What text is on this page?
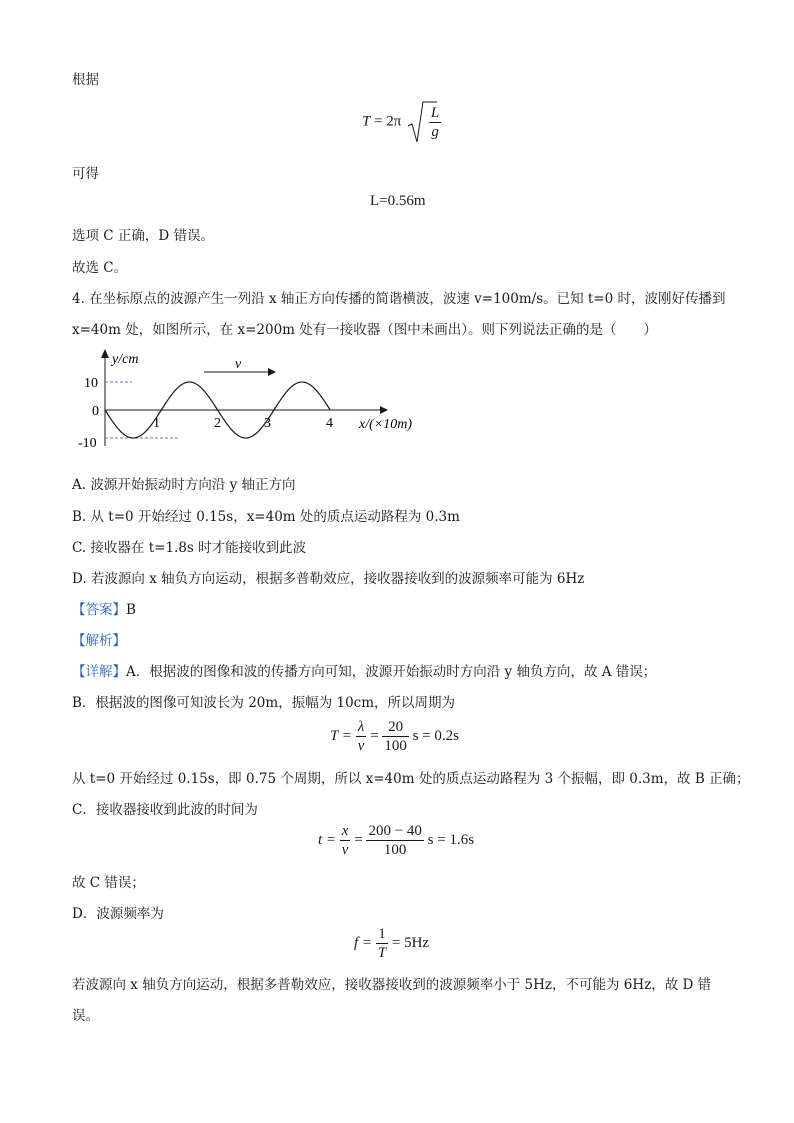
根据
$T = 2\pi \frac{L}{g}$
可得
L=0.56m
选项 C 正确，D 错误。
故选 C。
4. 在坐标原点的波源产生一列沿 x 轴正方向传播的简谐横波，波速 v=100m/s。已知 t=0 时，波刚好传播到
x=40m 处，如图所示，在 x=200m 处有一接收器（图中未画出）。则下列说法正确的是（　　）
y/cm
x/(×10m)
10
0
-10
1	2	3	4
v
A. 波源开始振动时方向沿 y 轴正方向
B. 从 t=0 开始经过 0.15s，x=40m 处的质点运动路程为 0.3m
C. 接收器在 t=1.8s 时才能接收到此波
D. 若波源向 x 轴负方向运动，根据多普勒效应，接收器接收到的波源频率可能为 6Hz
【答案】B
【解析】
【详解】A．根据波的图像和波的传播方向可知，波源开始振动时方向沿 y 轴负方向，故 A 错误；
B．根据波的图像可知波长为 20m，振幅为 10cm，所以周期为
$T = \frac{\lambda}{v} = \frac{20}{100}$ s = 0.2s
从 t=0 开始经过 0.15s，即 0.75 个周期，所以 x=40m 处的质点运动路程为 3 个振幅，即 0.3m，故 B 正确；
C．接收器接收到此波的时间为
$t = \frac{x}{v} = \frac{200 - 40}{100}$ s = 1.6s
故 C 错误；
D．波源频率为
$f = \frac{1}{T} = 5Hz$
若波源向 x 轴负方向运动，根据多普勒效应，接收器接收到的波源频率小于 5Hz，不可能为 6Hz，故 D 错
误。
